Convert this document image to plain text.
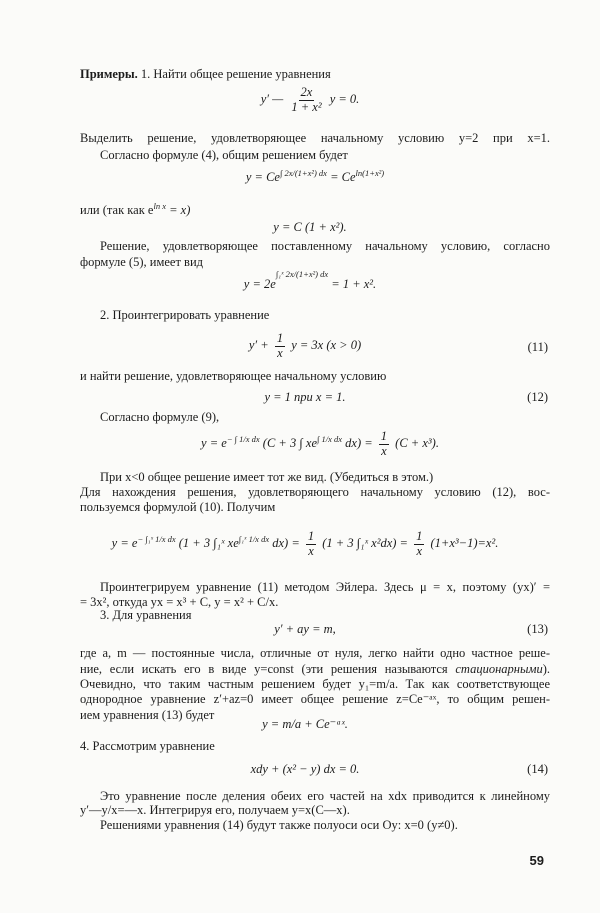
Примеры. 1. Найти общее решение уравнения
y′ — $\frac{2x}{\text{1 + x²}}$ y = 0.
Выделить решение, удовлетворяющее начальному условию y=2 при x=1.
Согласно формуле (4), общим решением будет
$y = Ce^{\int 2x/(1+x^2) dx} = Ce^{ln(1+x^2)}$
или (так как $e^{ln x} = x$)
y = C (1 + x²).
Решение, удовлетворяющее поставленному начальному условию, согласно
формуле (5), имеет вид
$y = 2e^{\int_1ˣ 2x/(1+x^2) dx} = 1 + x^2$.
2. Проинтегрировать уравнение
$y' + \frac{1}{x}$ y = 3x (x > 0)	(11)
и найти решение, удовлетворяющее начальному условию
y = 1 при x = 1.	(12)
Согласно формуле (9),
$y = e^{- \int 1/x dx}$ (C + 3 ∫ $xe^{\int 1/x dx}$ $dx) = \frac{1}{x} (C + x^3)$.
При x<0 общее решение имеет тот же вид. (Убедиться в этом.)
Для нахождения решения, удовлетворяющего начальному условию (12), вос-
пользуемся формулой (10). Получим
$y = e^{- \int_1ˣ 1/x dx}$ (1 + 3 ∫₁ˣ $xe^{\int_1ˣ 1/x dx}$ $dx) = \frac{1}{x} (1 + 3$ ∫₁ˣ $x^2dx) = \frac{1}{x} (1+x^3-1)=x^2$.
Проинтегрируем уравнение (11) методом Эйлера. Здесь μ = x, поэтому (yx)′ =
= 3x², откуда yx = x³ + C, y = x² + C/x.
3. Для уравнения
y′ + ay = m,	(13)
где a, m — постоянные числа, отличные от нуля, легко найти одно частное реше-
ние, если искать его в виде y=const (эти решения называются стационарными).
Очевидно, что таким частным решением будет y₁=m/a. Так как соответствующее
однородное уравнение z′+az=0 имеет общее решение z=Ce⁻ᵃˣ, то общим решен-
ием уравнения (13) будет
y = m/a + Ce⁻ᵃˣ.
4. Рассмотрим уравнение
xdy + (x² − y) dx = 0.	(14)
Это уравнение после деления обеих его частей на xdx приводится к линейному
y′—y/x=—x. Интегрируя его, получаем y=x(C—x).
Решениями уравнения (14) будут также полуоси оси Oy: x=0 (y≠0).
59
